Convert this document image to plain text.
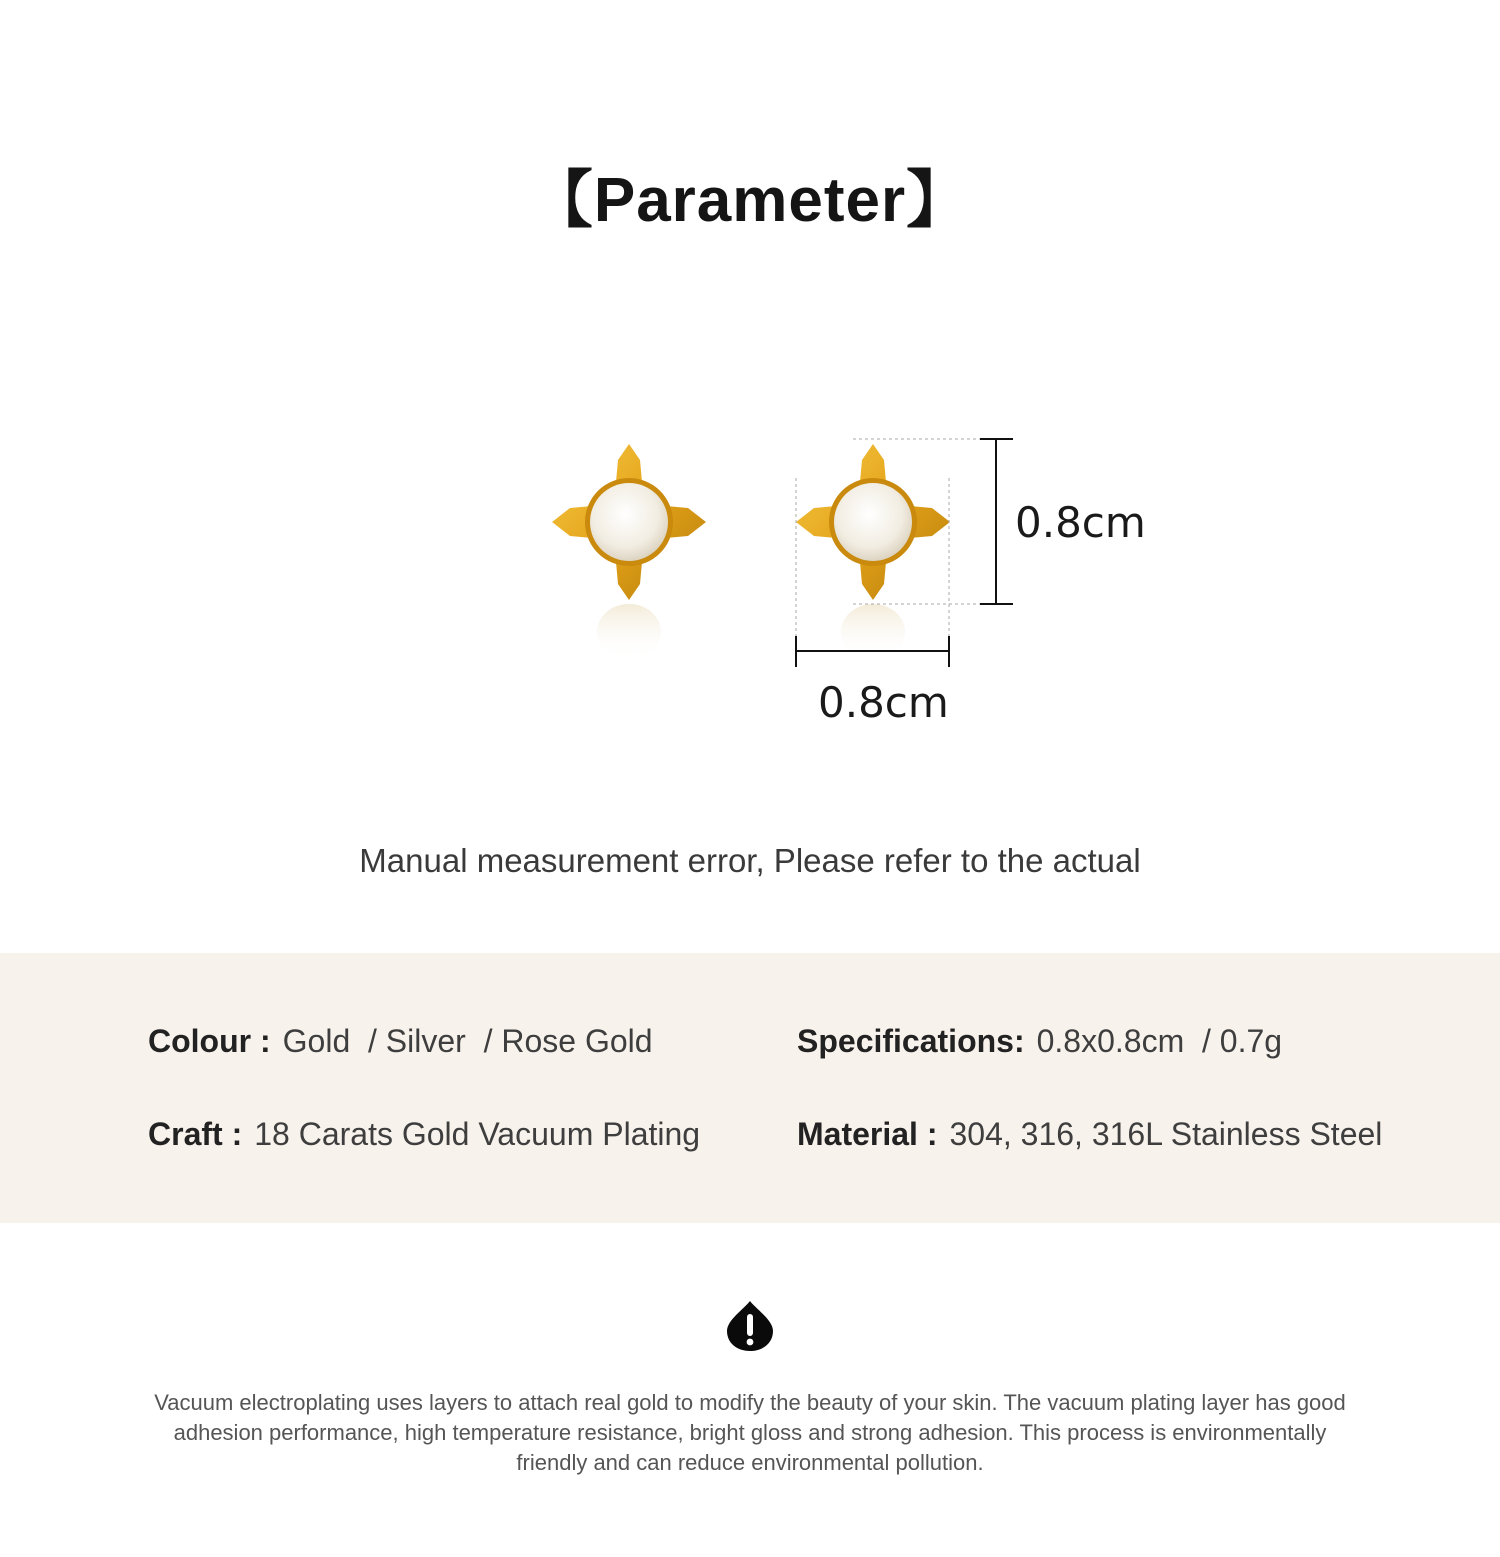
【Parameter】
0.8cm
0.8cm
Manual measurement error, Please refer to the actual
Colour : Gold  / Silver  / Rose Gold	Specifications: 0.8x0.8cm  / 0.7g
Craft : 18 Carats Gold Vacuum Plating	Material : 304, 316, 316L Stainless Steel
Vacuum electroplating uses layers to attach real gold to modify the beauty of your skin. The vacuum plating layer has good adhesion performance, high temperature resistance, bright gloss and strong adhesion. This process is environmentally friendly and can reduce environmental pollution.
